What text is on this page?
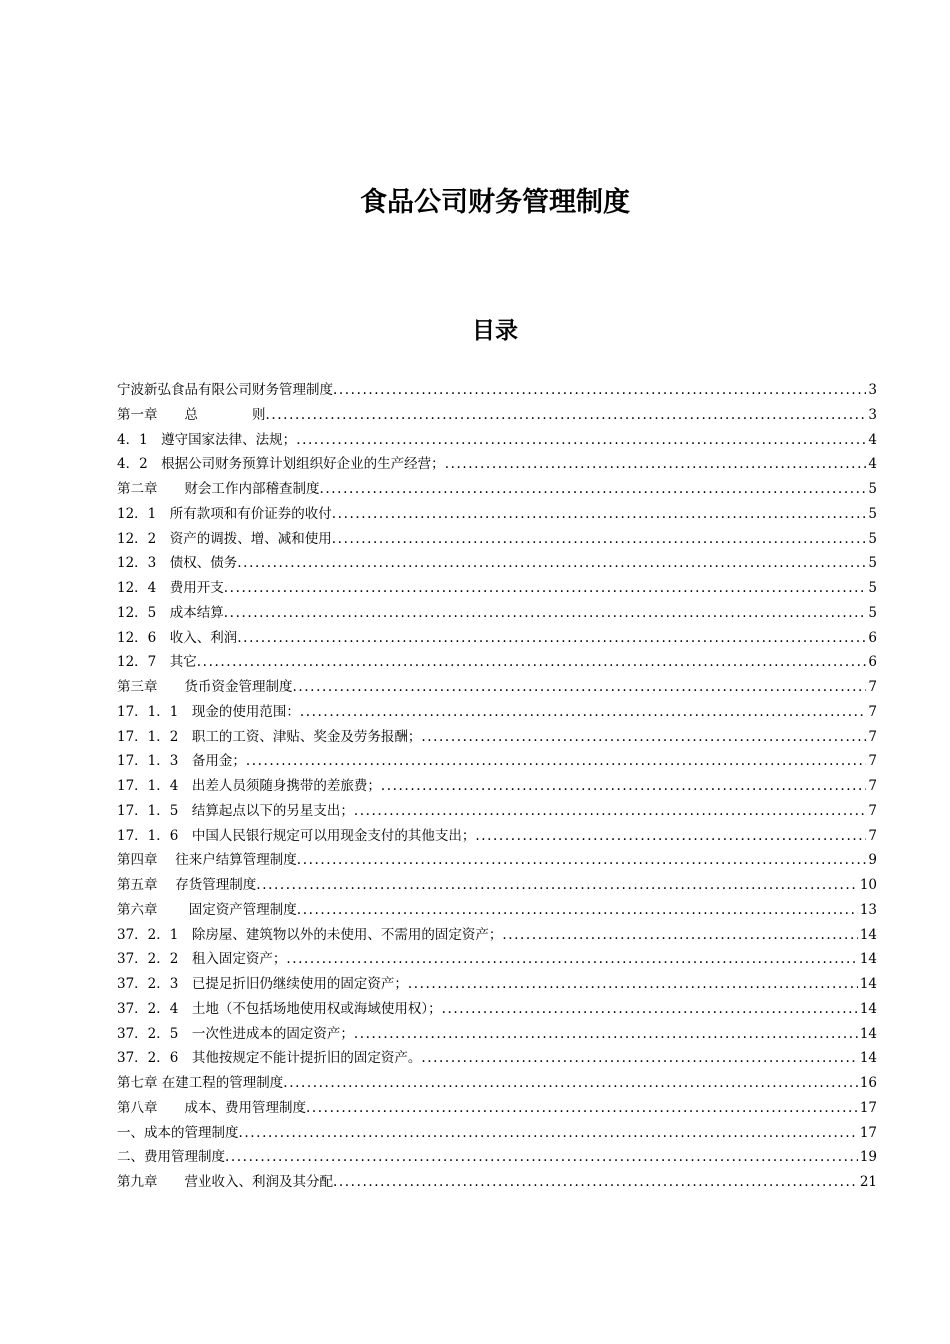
食品公司财务管理制度
目录
宁波新弘食品有限公司财务管理制度 .....	3
第一章　　总　　　　则 .....	3
4．1　遵守国家法律、法规； .....	4
4．2　根据公司财务预算计划组织好企业的生产经营； .....	4
第二章　　财会工作内部稽查制度 .....	5
12．1　所有款项和有价证券的收付 .....	5
12．2　资产的调拨、增、减和使用 .....	5
12．3　债权、债务 .....	5
12．4　费用开支 .....	5
12．5　成本结算 .....	5
12．6　收入、利润 .....	6
12．7　其它 .....	6
第三章　　货币资金管理制度 .....	7
17．1．1　现金的使用范围： .....	7
17．1．2　职工的工资、津贴、奖金及劳务报酬； .....	7
17．1．3　备用金； .....	7
17．1．4　出差人员须随身携带的差旅费； .....	7
17．1．5　结算起点以下的另星支出； .....	7
17．1．6　中国人民银行规定可以用现金支付的其他支出； .....	7
第四章　 往来户结算管理制度 .....	9
第五章　 存货管理制度 .....	10
第六章　　 固定资产管理制度 .....	13
37．2．1　除房屋、建筑物以外的未使用、不需用的固定资产； .....	14
37．2．2　租入固定资产； .....	14
37．2．3　已提足折旧仍继续使用的固定资产； .....	14
37．2．4　土地（不包括场地使用权或海域使用权）； .....	14
37．2．5　一次性进成本的固定资产； .....	14
37．2．6　其他按规定不能计提折旧的固定资产。 .....	14
第七章 在建工程的管理制度 .....	16
第八章　　成本、费用管理制度 .....	17
一、成本的管理制度 .....	17
二、费用管理制度 .....	19
第九章　　营业收入、利润及其分配 .....	21
